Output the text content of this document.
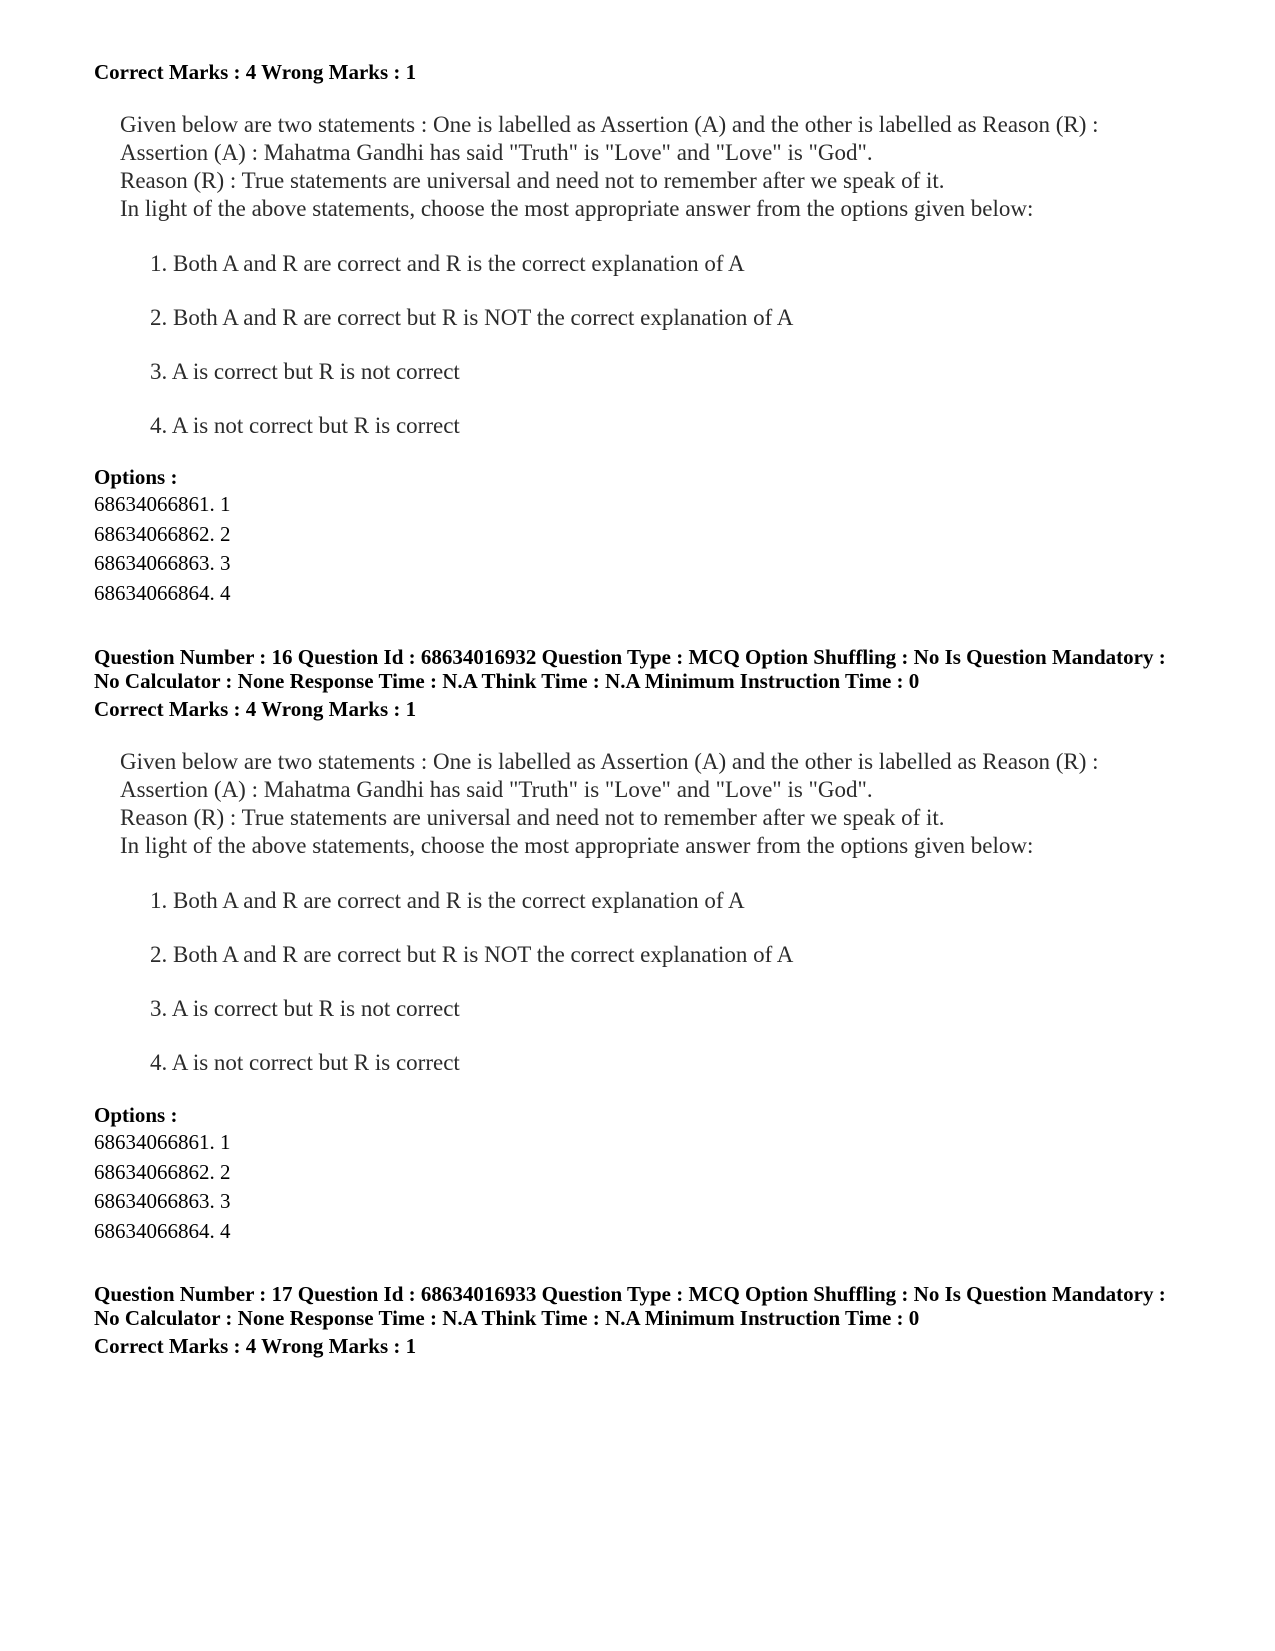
Correct Marks : 4 Wrong Marks : 1

Given below are two statements : One is labelled as Assertion (A) and the other is labelled as Reason (R) :

Assertion (A) : Mahatma Gandhi has said "Truth" is "Love" and "Love" is "God".

Reason (R) : True statements are universal and need not to remember after we speak of it.

In light of the above statements, choose the most appropriate answer from the options given below:

1. Both A and R are correct and R is the correct explanation of A
2. Both A and R are correct but R is NOT the correct explanation of A
3. A is correct but R is not correct
4. A is not correct but R is correct
Options :
68634066861. 1
68634066862. 2
68634066863. 3
68634066864. 4
Question Number : 16 Question Id : 68634016932 Question Type : MCQ Option Shuffling : No Is Question Mandatory :
No Calculator : None Response Time : N.A Think Time : N.A Minimum Instruction Time : 0
Correct Marks : 4 Wrong Marks : 1

Given below are two statements : One is labelled as Assertion (A) and the other is labelled as Reason (R) :

Assertion (A) : Mahatma Gandhi has said "Truth" is "Love" and "Love" is "God".

Reason (R) : True statements are universal and need not to remember after we speak of it.

In light of the above statements, choose the most appropriate answer from the options given below:

1. Both A and R are correct and R is the correct explanation of A
2. Both A and R are correct but R is NOT the correct explanation of A
3. A is correct but R is not correct
4. A is not correct but R is correct
Options :
68634066861. 1
68634066862. 2
68634066863. 3
68634066864. 4
Question Number : 17 Question Id : 68634016933 Question Type : MCQ Option Shuffling : No Is Question Mandatory :
No Calculator : None Response Time : N.A Think Time : N.A Minimum Instruction Time : 0
Correct Marks : 4 Wrong Marks : 1
